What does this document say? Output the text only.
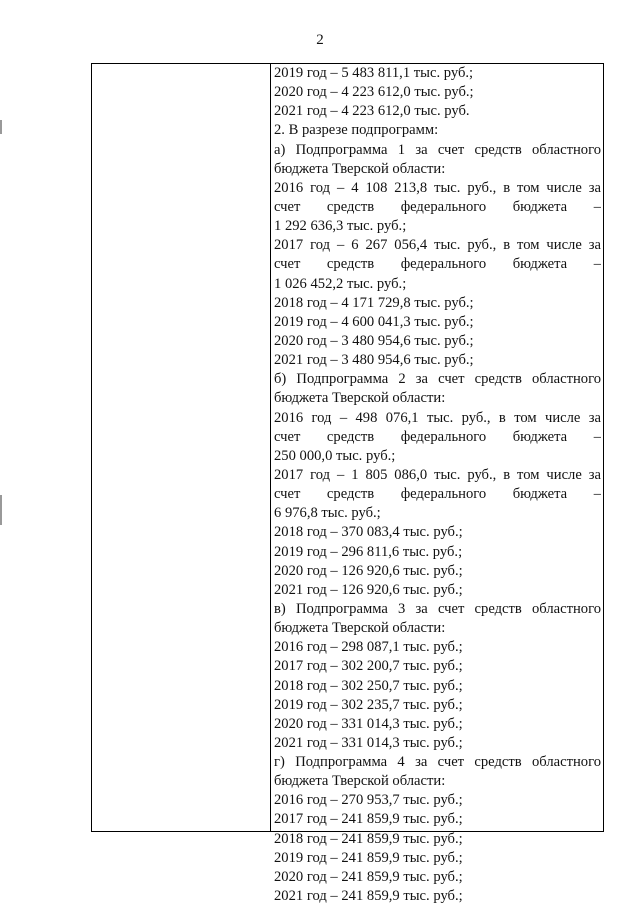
2
2019 год – 5 483 811,1 тыс. руб.;
2020 год – 4 223 612,0 тыс. руб.;
2021 год – 4 223 612,0 тыс. руб.
2. В разрезе подпрограмм:
а) Подпрограмма 1 за счет средств областного
бюджета Тверской области:
2016 год – 4 108 213,8 тыс. руб., в том числе за
счет средств федерального бюджета –
1 292 636,3 тыс. руб.;
2017 год – 6 267 056,4 тыс. руб., в том числе за
счет средств федерального бюджета –
1 026 452,2 тыс. руб.;
2018 год – 4 171 729,8 тыс. руб.;
2019 год – 4 600 041,3 тыс. руб.;
2020 год – 3 480 954,6 тыс. руб.;
2021 год – 3 480 954,6 тыс. руб.;
б) Подпрограмма 2 за счет средств областного
бюджета Тверской области:
2016 год – 498 076,1 тыс. руб., в том числе за
счет средств федерального бюджета –
250 000,0 тыс. руб.;
2017 год – 1 805 086,0 тыс. руб., в том числе за
счет средств федерального бюджета –
6 976,8 тыс. руб.;
2018 год – 370 083,4 тыс. руб.;
2019 год – 296 811,6 тыс. руб.;
2020 год – 126 920,6 тыс. руб.;
2021 год – 126 920,6 тыс. руб.;
в) Подпрограмма 3 за счет средств областного
бюджета Тверской области:
2016 год – 298 087,1 тыс. руб.;
2017 год – 302 200,7 тыс. руб.;
2018 год – 302 250,7 тыс. руб.;
2019 год – 302 235,7 тыс. руб.;
2020 год – 331 014,3 тыс. руб.;
2021 год – 331 014,3 тыс. руб.;
г) Подпрограмма 4 за счет средств областного
бюджета Тверской области:
2016 год – 270 953,7 тыс. руб.;
2017 год – 241 859,9 тыс. руб.;
2018 год – 241 859,9 тыс. руб.;
2019 год – 241 859,9 тыс. руб.;
2020 год – 241 859,9 тыс. руб.;
2021 год – 241 859,9 тыс. руб.;
